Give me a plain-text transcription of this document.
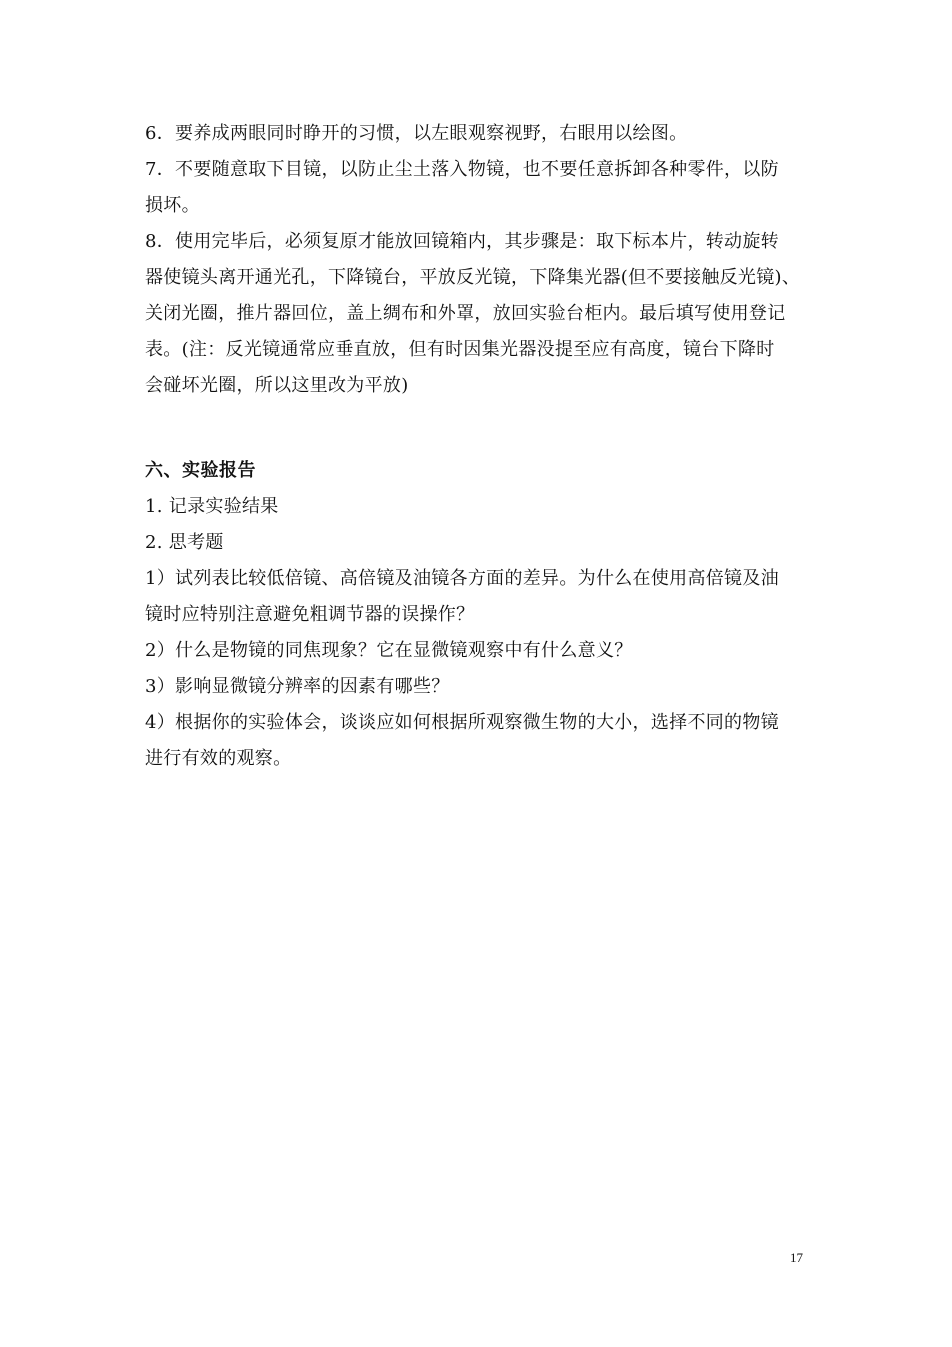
6．要养成两眼同时睁开的习惯，以左眼观察视野，右眼用以绘图。
7．不要随意取下目镜，以防止尘土落入物镜，也不要任意拆卸各种零件，以防
损坏。
8．使用完毕后，必须复原才能放回镜箱内，其步骤是：取下标本片，转动旋转
器使镜头离开通光孔，下降镜台，平放反光镜，下降集光器(但不要接触反光镜)、
关闭光圈，推片器回位，盖上绸布和外罩，放回实验台柜内。最后填写使用登记
表。(注：反光镜通常应垂直放，但有时因集光器没提至应有高度，镜台下降时
会碰坏光圈，所以这里改为平放)
六、实验报告
1. 记录实验结果
2. 思考题
1）试列表比较低倍镜、高倍镜及油镜各方面的差异。为什么在使用高倍镜及油
镜时应特别注意避免粗调节器的误操作？
2）什么是物镜的同焦现象？它在显微镜观察中有什么意义？
3）影响显微镜分辨率的因素有哪些？
4）根据你的实验体会，谈谈应如何根据所观察微生物的大小，选择不同的物镜
进行有效的观察。
17
